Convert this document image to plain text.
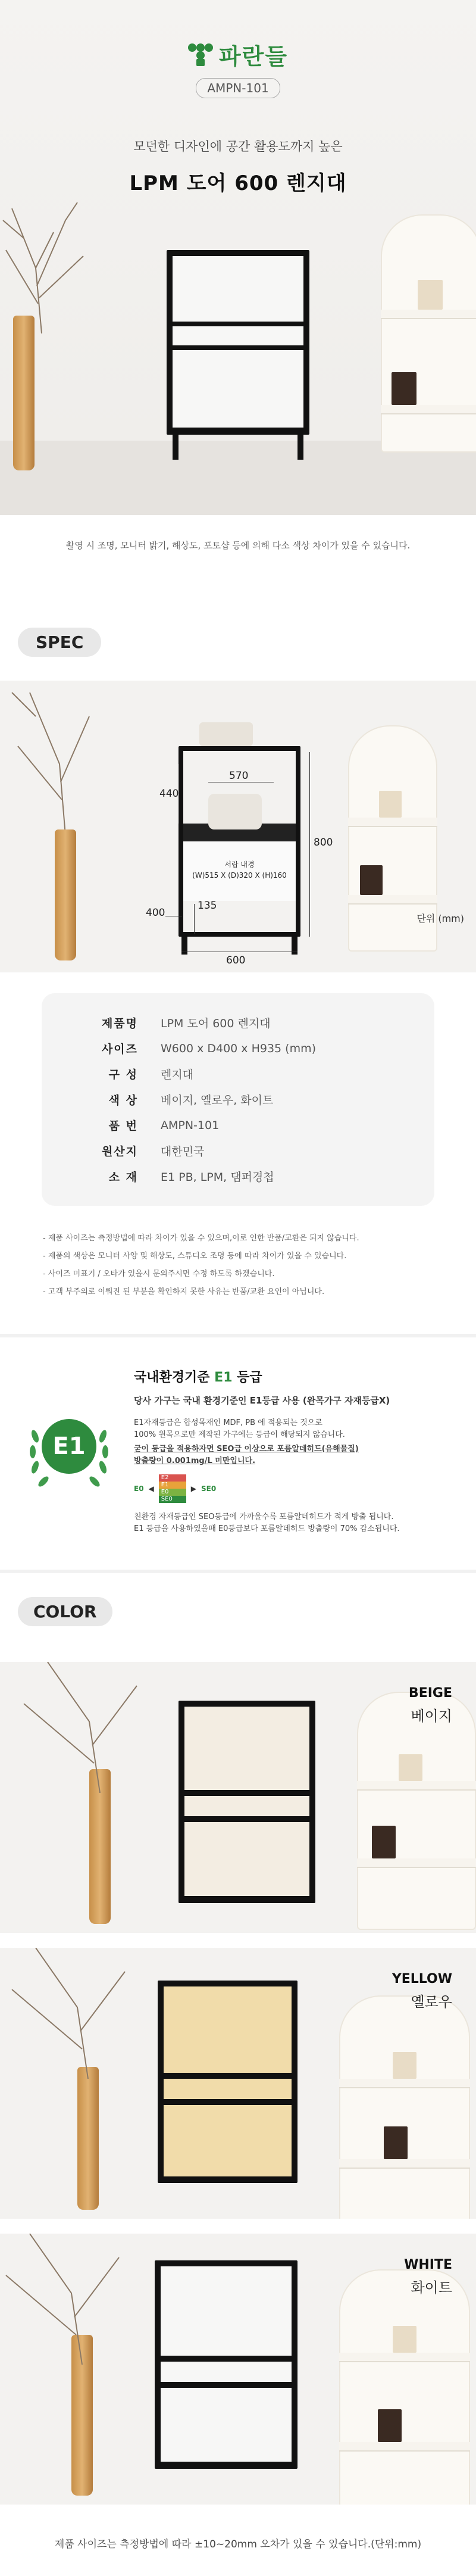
파란들
AMPN-101
모던한 디자인에 공간 활용도까지 높은
LPM 도어 600 렌지대
촬영 시 조명, 모니터 밝기, 해상도, 포토샵 등에 의해 다소 색상 차이가 있을 수 있습니다.
SPEC
570
440
800
400
135
600
서랍 내경
(W)515 X (D)320 X (H)160
단위 (mm)
제품명	LPM 도어 600 렌지대
사이즈	W600 x D400 x H935 (mm)
구 성	렌지대
색 상	베이지, 옐로우, 화이트
품 번	AMPN-101
원산지	대한민국
소 재	E1 PB, LPM, 댐퍼경첩
- 제품 사이즈는 측정방법에 따라 차이가 있을 수 있으며,이로 인한 반품/교환은 되지 않습니다.
- 제품의 색상은 모니터 사양 및 해상도, 스튜디오 조명 등에 따라 차이가 있을 수 있습니다.
- 사이즈 미표기 / 오타가 있을시 문의주시면 수정 하도록 하겠습니다.
- 고객 부주의로 이뤄진 된 부분을 확인하지 못한 사유는 반품/교환 요인이 아닙니다.
E1
국내환경기준 E1 등급
당사 가구는 국내 환경기준인 E1등급 사용 (완목가구 자재등급X)
E1자재등급은 합성목재인 MDF, PB 에 적용되는 것으로
100% 원목으로만 제작된 가구에는 등급이 해당되지 않습니다.
굳이 등급을 적용하자면 SEO급 이상으로 포름알데히드(유해물질)
방출량이 0.001mg/L 미만입니다.
E0 ◀
E2
E1
E0
SE0
▶ SE0
친환경 자재등급인 SEO등급에 가까울수록 포름알데히드가 적게 방출 됩니다.
E1 등급을 사용하였을때 E0등급보다 포름알데히드 방출량이 70% 감소됩니다.
COLOR
BEIGE
베이지
YELLOW
옐로우
WHITE
화이트
제품 사이즈는 측정방법에 따라 ±10~20mm 오차가 있을 수 있습니다.(단위:mm)
